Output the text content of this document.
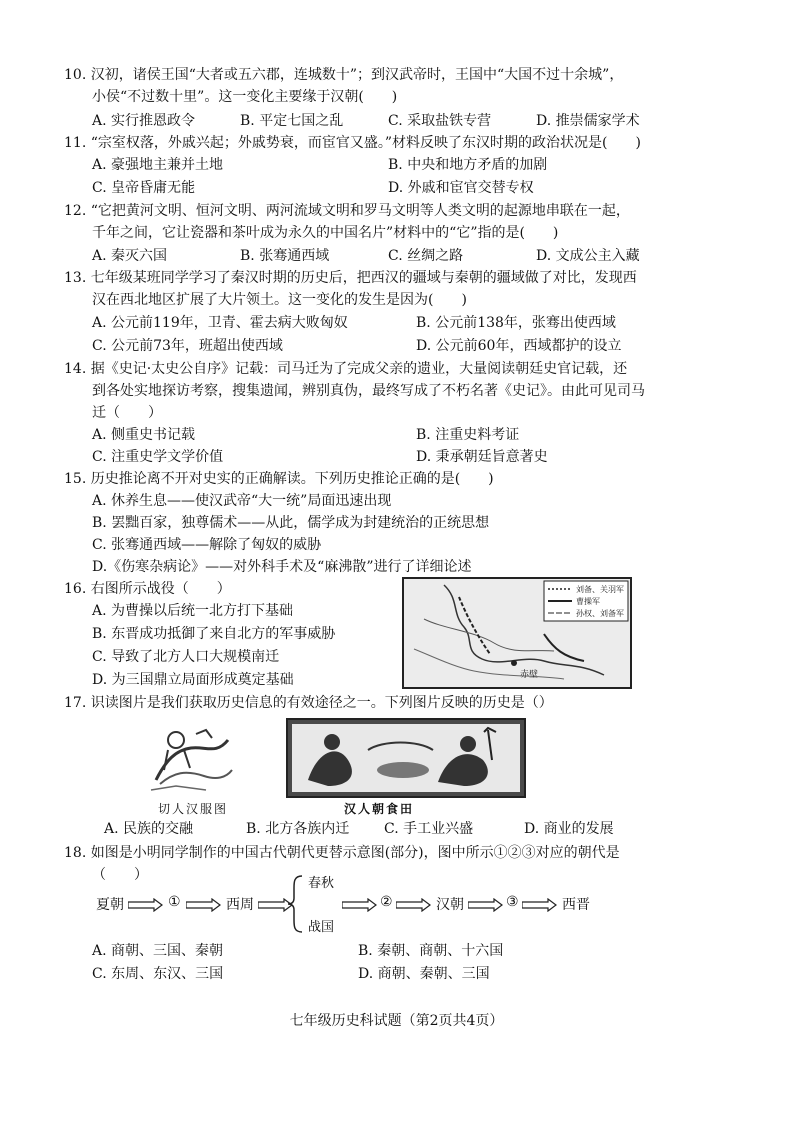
10. 汉初，诸侯王国“大者或五六郡，连城数十”；到汉武帝时，王国中“大国不过十余城”，
小侯“不过数十里”。这一变化主要缘于汉朝(　　)
A. 实行推恩政令	B. 平定七国之乱	C. 采取盐铁专营	D. 推崇儒家学术
11. “宗室权落，外戚兴起；外戚势衰，而宦官又盛。”材料反映了东汉时期的政治状况是(　　)
A. 豪强地主兼并土地	B. 中央和地方矛盾的加剧
C. 皇帝昏庸无能	D. 外戚和宦官交替专权
12. “它把黄河文明、恒河文明、两河流域文明和罗马文明等人类文明的起源地串联在一起，
千年之间，它让瓷器和茶叶成为永久的中国名片”材料中的“它”指的是(　　)
A. 秦灭六国	B. 张骞通西域	C. 丝绸之路	D. 文成公主入藏
13. 七年级某班同学学习了秦汉时期的历史后，把西汉的疆域与秦朝的疆域做了对比，发现西
汉在西北地区扩展了大片领土。这一变化的发生是因为(　　)
A. 公元前119年，卫青、霍去病大败匈奴	B. 公元前138年，张骞出使西域
C. 公元前73年，班超出使西域	D. 公元前60年，西域都护的设立
14. 据《史记·太史公自序》记载：司马迁为了完成父亲的遗业，大量阅读朝廷史官记载，还
到各处实地探访考察，搜集遗闻，辨别真伪，最终写成了不朽名著《史记》。由此可见司马
迁（　　）
A. 侧重史书记载	B. 注重史料考证
C. 注重史学文学价值	D. 秉承朝廷旨意著史
15. 历史推论离不开对史实的正确解读。下列历史推论正确的是(　　)
A. 休养生息——使汉武帝“大一统”局面迅速出现
B. 罢黜百家，独尊儒术——从此，儒学成为封建统治的正统思想
C. 张骞通西域——解除了匈奴的威胁
D.《伤寒杂病论》——对外科手术及“麻沸散”进行了详细论述
16. 右图所示战役（　　）
A. 为曹操以后统一北方打下基础
B. 东晋成功抵御了来自北方的军事威胁
C. 导致了北方人口大规模南迁
D. 为三国鼎立局面形成奠定基础
刘备、关羽军
曹操军
孙权、刘备军
赤壁
17. 识读图片是我们获取历史信息的有效途径之一。下列图片反映的历史是（）
切人汉服图	汉人朝食田
A. 民族的交融	B. 北方各族内迁 C. 手工业兴盛	D. 商业的发展
18. 如图是小明同学制作的中国古代朝代更替示意图(部分)，图中所示①②③对应的朝代是
（　　）
夏朝	①	西周
春秋
战国
②	汉朝	③	西晋
A. 商朝、三国、秦朝	B. 秦朝、商朝、十六国
C. 东周、东汉、三国	D. 商朝、秦朝、三国
七年级历史科试题（第2页共4页）
